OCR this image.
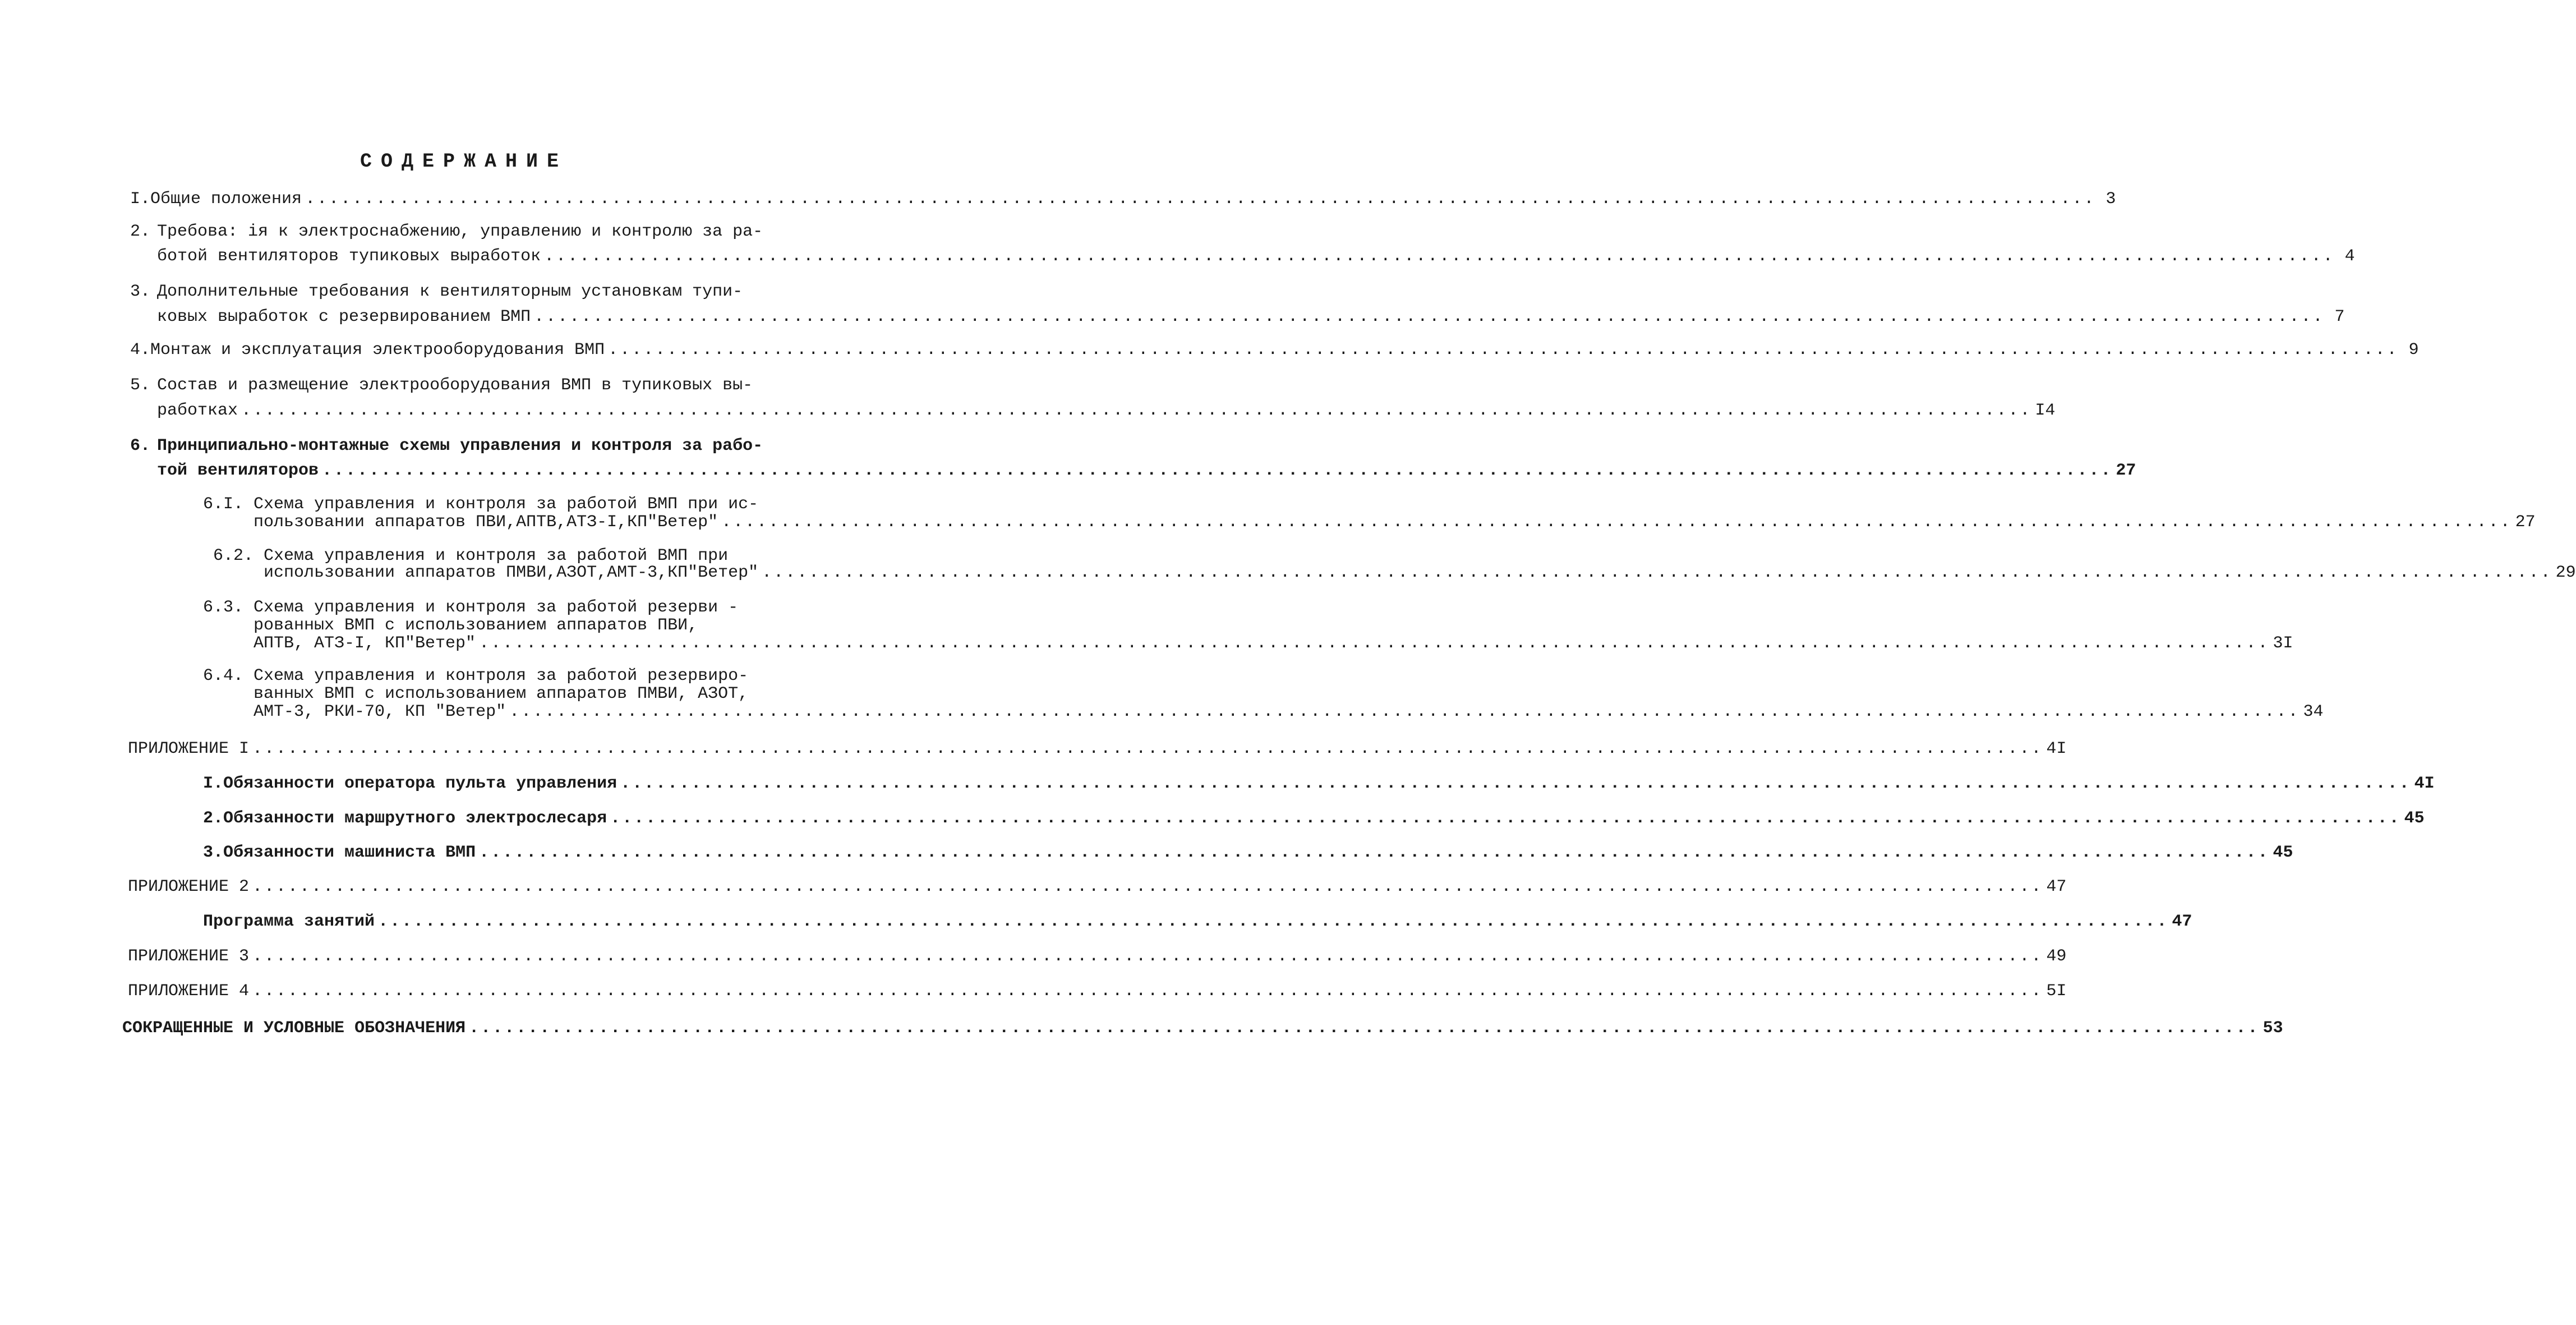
СОДЕРЖАНИЕ
I. Общие положения ........................................................................................................................................................ 3
2. Требова: ія к электроснабжению, управлению и контролю за ра-
ботой вентиляторов тупиковых выработок ........................................................................................................................................................ 4
3. Дополнительные требования к вентиляторным установкам тупи-
ковых выработок с резервированием ВМП ........................................................................................................................................................ 7
4. Монтаж и эксплуатация электрооборудования ВМП ........................................................................................................................................................ 9
5. Состав и размещение электрооборудования ВМП в тупиковых вы-
работках ........................................................................................................................................................ I4
6. Принципиально-монтажные схемы управления и контроля за рабо-
той вентиляторов ........................................................................................................................................................ 27
6.I. Схема управления и контроля за работой ВМП при ис-
пользовании аппаратов ПВИ,АПТВ,АТЗ-I,КП"Ветер" ........................................................................................................................................................ 27
6.2. Схема управления и контроля за работой ВМП при
использовании аппаратов ПМВИ,АЗОТ,АМТ-3,КП"Ветер" ........................................................................................................................................................ 29
6.3. Схема управления и контроля за работой резерви -
рованных ВМП с использованием аппаратов ПВИ,
АПТВ, АТЗ-I, КП"Ветер" ........................................................................................................................................................ 3I
6.4. Схема управления и контроля за работой резервиро-
ванных ВМП с использованием аппаратов ПМВИ, АЗОТ,
АМТ-3, РКИ-70, КП "Ветер" ........................................................................................................................................................ 34
ПРИЛОЖЕНИЕ I ........................................................................................................................................................ 4I
I. Обязанности оператора пульта управления ........................................................................................................................................................ 4I
2. Обязанности маршрутного электрослесаря ........................................................................................................................................................ 45
3. Обязанности машиниста ВМП ........................................................................................................................................................ 45
ПРИЛОЖЕНИЕ 2 ........................................................................................................................................................ 47
Программа занятий ........................................................................................................................................................ 47
ПРИЛОЖЕНИЕ 3 ........................................................................................................................................................ 49
ПРИЛОЖЕНИЕ 4 ........................................................................................................................................................ 5I
СОКРАЩЕННЫЕ И УСЛОВНЫЕ ОБОЗНАЧЕНИЯ ........................................................................................................................................................ 53
